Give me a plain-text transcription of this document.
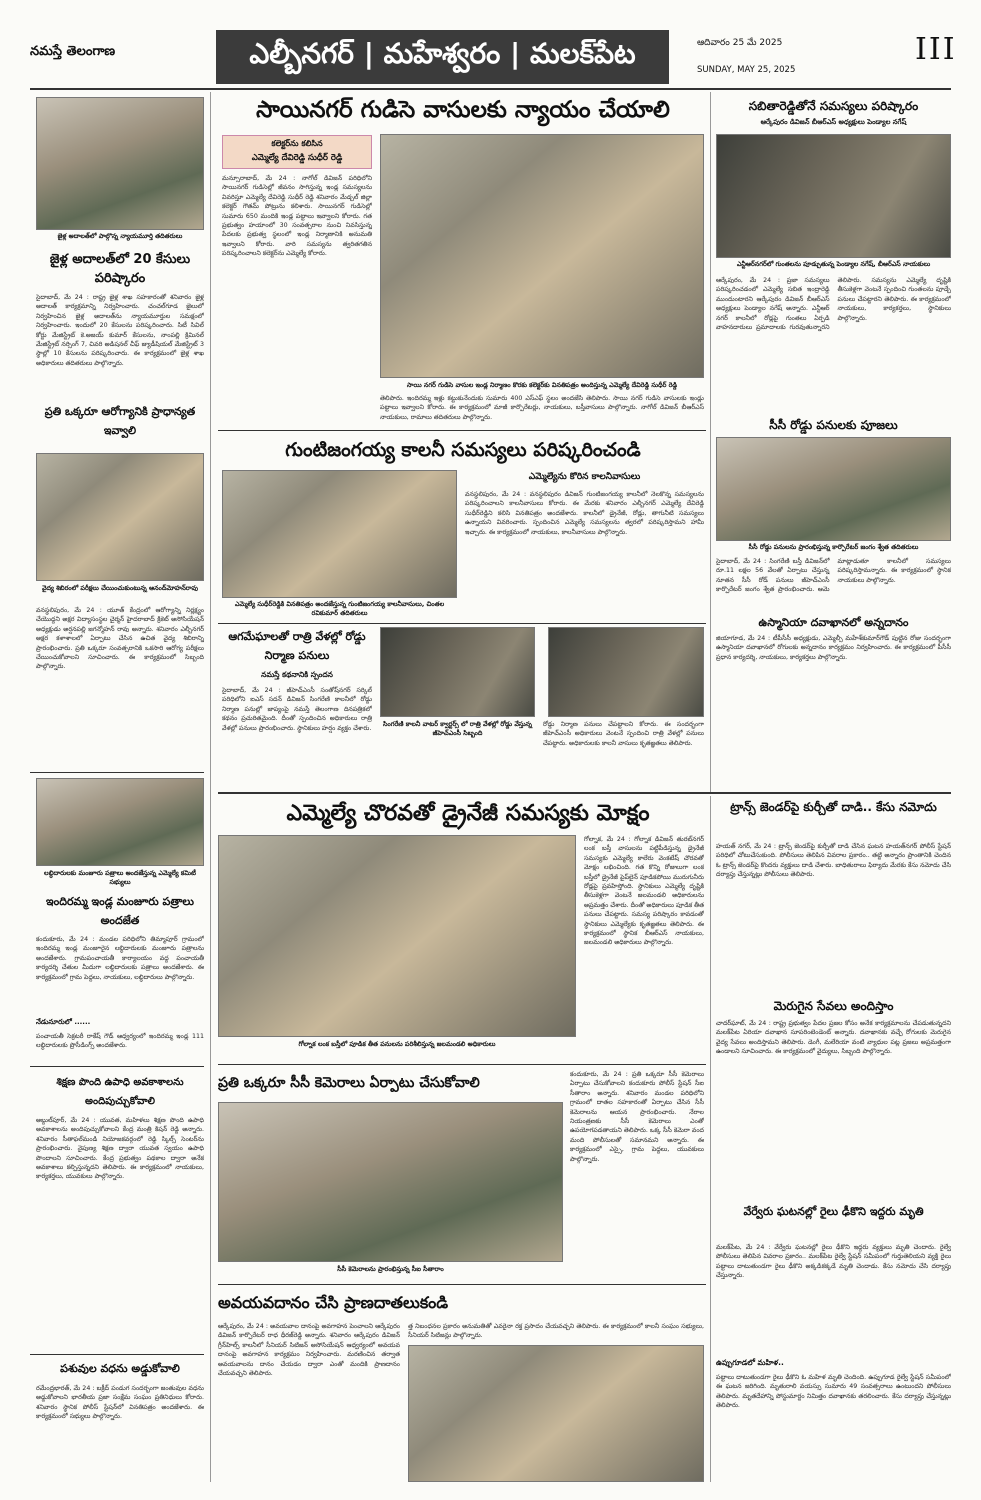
నమస్తే తెలంగాణ	ఎల్బీనగర్ | మహేశ్వరం | మలక్‌పేట	ఆదివారం 25 మే 2025
SUNDAY, MAY 25, 2025
III
జైళ్ల అదాలత్‌లో పాల్గొన్న న్యాయమూర్తి తదితరులు
జైళ్ల అదాలత్‌లో 20 కేసులు పరిష్కారం
సైదాబాద్, మే 24 : రాష్ట్ర జైళ్ల శాఖ సహకారంతో శనివారం జైళ్ల అదాలత్ కార్యక్రమాన్ని నిర్వహించారు. చంచల్‌గూడ జైలులో నిర్వహించిన జైళ్ల అదాలత్‌ను న్యాయమూర్తుల సమక్షంలో నిర్వహించారు. ఇందులో 20 కేసులను పరిష్కరించారు. సిటీ సివిల్ కోర్టు మేజిస్ట్రేట్ కె.అజయ్ కుమార్ కేసులను, నాంపల్లి క్రిమినల్ మేజిస్ట్రేట్ నర్సింగ్ 7, చివరి అడిషనల్ చీఫ్ జ్యుడీషియల్ మేజిస్ట్రేట్ 3 స్థాల్లో 10 కేసులను పరిష్కరించారు. ఈ కార్యక్రమంలో జైళ్ల శాఖ అధికారులు తదితరులు పాల్గొన్నారు.
ప్రతి ఒక్కరూ ఆరోగ్యానికి ప్రాధాన్యత ఇవ్వాలి
వైద్య శిబిరంలో పరీక్షలు చేయించుకుంటున్న ఆనంద్‌మోహన్‌రావు
వనస్థలిపురం, మే 24 : యూత్ కేంద్రంలో ఆరోగ్యాన్ని నిర్లక్ష్యం చేయొద్దని అక్షర విద్యాసంస్థల చైర్మన్ హైదరాబాద్ క్రికెట్ అసోసియేషన్ అధ్యక్షుడు అర్షనపల్లి జగన్మోహన్ రావు అన్నారు. శనివారం ఎల్బీనగర్ అక్షర కళాశాలలో ఏర్పాటు చేసిన ఉచిత వైద్య శిబిరాన్ని ప్రారంభించారు. ప్రతి ఒక్కరూ సంవత్సరానికి ఒకసారి ఆరోగ్య పరీక్షలు చేయించుకోవాలని సూచించారు. ఈ కార్యక్రమంలో సిబ్బంది పాల్గొన్నారు.
లబ్ధిదారులకు మంజూరు పత్రాలు అందజేస్తున్న ఎమ్మెల్యే కమిటీ సభ్యులు
ఇందిరమ్మ ఇండ్ల మంజూరు పత్రాలు అందజేత
కందుకూరు, మే 24 : మండల పరిధిలోని తిమ్మాపూర్ గ్రామంలో ఇందిరమ్మ ఇండ్ల మంజూరైన లబ్ధిదారులకు మంజూరు పత్రాలను అందజేశారు. గ్రామపంచాయతీ కార్యాలయం వద్ద పంచాయతీ కార్యదర్శి చేతుల మీదుగా లబ్ధిదారులకు పత్రాలు అందజేశారు. ఈ కార్యక్రమంలో గ్రామ పెద్దలు, నాయకులు, లబ్ధిదారులు పాల్గొన్నారు.
నేడునూరులో ......
పంచాయతీ సెక్రటరీ రాకేష్ గౌడ్ ఆధ్వర్యంలో ఇందిరమ్మ ఇండ్ల 111 లబ్ధిదారులకు ప్రొసీడింగ్స్ అందజేశారు.
శిక్షణ పొంది ఉపాధి అవకాశాలను అందిపుచ్చుకోవాలి
అబ్దుల్‌పూర్, మే 24 : యువత, మహిళలు శిక్షణ పొంది ఉపాధి అవకాశాలను అందిపుచ్చుకోవాలని కేంద్ర మంత్రి కిషన్ రెడ్డి అన్నారు. శనివారం సీతాఫల్‌మండి నియోజకవర్గంలో రెడ్డి స్కిల్స్ సెంటర్‌ను ప్రారంభించారు. నైపుణ్య శిక్షణ ద్వారా యువత స్వయం ఉపాధి పొందాలని సూచించారు. కేంద్ర ప్రభుత్వం పథకాల ద్వారా అనేక అవకాశాలు కల్పిస్తున్నదని తెలిపారు. ఈ కార్యక్రమంలో నాయకులు, కార్యకర్తలు, యువకులు పాల్గొన్నారు.
పశువుల వధను అడ్డుకోవాలి
రమేంద్రభారత్, మే 24 : బక్రీద్ పండుగ సందర్భంగా జంతువుల వధను అడ్డుకోవాలని భారతీయ ప్రజా సంక్షేమ సంఘం ప్రతినిధులు కోరారు. శనివారం స్థానిక పోలీస్ స్టేషన్‌లో వినతిపత్రం అందజేశారు. ఈ కార్యక్రమంలో సభ్యులు పాల్గొన్నారు.
సాయినగర్ గుడిసె వాసులకు న్యాయం చేయాలి
కలెక్టర్‌ను కలిసిన
ఎమ్మెల్యే దేవిరెడ్డి సుధీర్ రెడ్డి
మన్సూరాబాద్, మే 24 : నాగోల్ డివిజన్ పరిధిలోని సాయినగర్ గుడిసెల్లో జీవనం సాగిస్తున్న ఇండ్ల సమస్యలను వివరిస్తూ ఎమ్మెల్యే దేవిరెడ్డి సుధీర్ రెడ్డి శనివారం మేడ్చల్ జిల్లా కలెక్టర్ గౌతమ్ పోట్రును కలిశారు. సాయినగర్ గుడిసెల్లో సుమారు 650 మందికి ఇండ్ల పట్టాలు ఇవ్వాలని కోరారు. గత ప్రభుత్వం హయాంలో 30 సంవత్సరాల నుంచి నివసిస్తున్న పేదలకు ప్రభుత్వ స్థలంలో ఇండ్ల నిర్మాణానికి అనుమతి ఇవ్వాలని కోరారు. వారి సమస్యను త్వరితగతిన పరిష్కరించాలని కలెక్టర్‌ను ఎమ్మెల్యే కోరారు.
సాయి నగర్ గుడిసె వాసుల ఇండ్ల నిర్మాణం కొరకు కలెక్టర్‌కు వినతిపత్రం అందిస్తున్న ఎమ్మెల్యే దేవిరెడ్డి సుధీర్ రెడ్డి
తెలిపారు. ఇందిరమ్మ ఇళ్లు కట్టుకునేందుకు సుమారు 400 ఎస్ఎఫ్ స్థలం అందజేసి తెలిపారు. సాయి నగర్ గుడిసె వాసులకు ఇండ్లు పట్టాలు ఇవ్వాలని కోరారు. ఈ కార్యక్రమంలో మాజీ కార్పొరేటర్లు, నాయకులు, బస్తీవాసులు పాల్గొన్నారు. నాగోల్ డివిజన్ బీఆర్ఎస్ నాయకులు, రామాలు తదితరులు పాల్గొన్నారు.
సబితారెడ్డితోనే సమస్యలు పరిష్కారం
ఆర్కేపురం డివిజన్ బీఆర్ఎస్ అధ్యక్షులు పెండ్యాల నగేష్
ఎన్టీఆర్‌నగర్‌లో గుంతలను పూడ్చుతున్న పెండ్యాల నగేష్, బీఆర్ఎస్ నాయకులు
ఆర్కేపురం, మే 24 : ప్రజా సమస్యలు పరిష్కరించడంలో ఎమ్మెల్యే సబిత ఇంద్రారెడ్డి ముందుంటారని ఆర్కేపురం డివిజన్ బీఆర్ఎస్ అధ్యక్షులు పెండ్యాల నగేష్ అన్నారు. ఎన్టీఆర్ నగర్ కాలనీలో రోడ్లపై గుంతలు ఏర్పడి వాహనదారులు ప్రమాదాలకు గురవుతున్నారని తెలిపారు. సమస్యను ఎమ్మెల్యే దృష్టికి తీసుకెళ్లగా వెంటనే స్పందించి గుంతలను పూడ్చే పనులు చేపట్టారని తెలిపారు. ఈ కార్యక్రమంలో నాయకులు, కార్యకర్తలు, స్థానికులు పాల్గొన్నారు.
సీసీ రోడ్డు పనులకు పూజలు
సీసీ రోడ్డు పనులను ప్రారంభిస్తున్న కార్పొరేటర్ జంగం శ్వేత తదితరులు
సైదాబాద్, మే 24 : సింగరేణి బస్తీ డివిజన్‌లో రూ.11 లక్షల 56 వేలతో ఏర్పాటు చేస్తున్న నూతన సీసీ రోడ్ పనులు జీహెచ్ఎంసీ కార్పొరేటర్ జంగం శ్వేత ప్రారంభించారు. ఆమె మాట్లాడుతూ కాలనీలో సమస్యలు పరిష్కరిస్తామన్నారు. ఈ కార్యక్రమంలో స్థానిక నాయకులు పాల్గొన్నారు.
ఉస్మానియా దవాఖానలో అన్నదానం
జియాగూడ, మే 24 : టీపీసీసీ అధ్యక్షుడు, ఎమ్మెల్సీ మహేశ్‌కుమార్‌గౌడ్ పుట్టిన రోజు సందర్భంగా ఉస్మానియా దవాఖానలో రోగులకు అన్నదానం కార్యక్రమం నిర్వహించారు. ఈ కార్యక్రమంలో పీసీసీ ప్రధాన కార్యదర్శి, నాయకులు, కార్యకర్తలు పాల్గొన్నారు.
గుంటిజంగయ్య కాలనీ సమస్యలు పరిష్కరించండి
ఎమ్మెల్యే సుధీర్‌రెడ్డికి వినతిపత్రం అందజేస్తున్న గుంటిజంగయ్య కాలనీవాసులు, చింతల రవికుమార్ తదితరులు
ఎమ్మెల్యేను కోరిన కాలనీవాసులు
వనస్థలిపురం, మే 24 : వనస్థలిపురం డివిజన్ గుంటిజంగయ్య కాలనీలో నెలకొన్న సమస్యలను పరిష్కరించాలని కాలనీవాసులు కోరారు. ఈ మేరకు శనివారం ఎల్బీనగర్ ఎమ్మెల్యే దేవిరెడ్డి సుధీర్‌రెడ్డిని కలిసి వినతిపత్రం అందజేశారు. కాలనీలో డ్రైనేజీ, రోడ్లు, తాగునీటి సమస్యలు ఉన్నాయని వివరించారు. స్పందించిన ఎమ్మెల్యే సమస్యలను త్వరలో పరిష్కరిస్తామని హామీ ఇచ్చారు. ఈ కార్యక్రమంలో నాయకులు, కాలనీవాసులు పాల్గొన్నారు.
ఆగమేఘాలతో రాత్రి వేళల్లో రోడ్డు నిర్మాణ పనులు
నమస్తే కథనానికి స్పందన
సైదాబాద్, మే 24 : జీహెచ్ఎంసీ సంతోష్‌నగర్ సర్కిల్ పరిధిలోని ఐఎస్ సదన్ డివిజన్ సింగరేణి కాలనీలో రోడ్డు నిర్మాణ పనుల్లో జాప్యంపై నమస్తే తెలంగాణ దినపత్రికలో కథనం ప్రచురితమైంది. దీంతో స్పందించిన అధికారులు రాత్రి వేళల్లో పనులు ప్రారంభించారు. స్థానికులు హర్షం వ్యక్తం చేశారు.
సింగరేణి కాలనీ వాటర్ క్వార్టర్స్ లో రాత్రి వేళల్లో రోడ్డు వేస్తున్న జీహెచ్ఎంసీ సిబ్బంది
రోడ్డు నిర్మాణ పనులు చేపట్టాలని కోరారు. ఈ సందర్భంగా జీహెచ్ఎంసీ అధికారులు వెంటనే స్పందించి రాత్రి వేళల్లో పనులు చేపట్టారు. అధికారులకు కాలనీ వాసులు కృతజ్ఞతలు తెలిపారు.
ఎమ్మెల్యే చొరవతో డ్రైనేజీ సమస్యకు మోక్షం
గోల్నాక లంక బస్తీలో పూడిక తీత పనులను పరిశీలిస్తున్న జలమండలి అధికారులు
గోల్నాక, మే 24 : గోల్నాక డివిజన్ తురబ్‌నగర్ లంక బస్తీ వాసులను పట్టిపీడిస్తున్న డ్రైనేజీ సమస్యకు ఎమ్మెల్యే కాలేరు వెంకటేష్ చొరవతో మోక్షం లభించింది. గత కొన్ని రోజులుగా లంక బస్తీలో డ్రైనేజీ పైప్‌లైన్ పూడికపోయి మురుగునీరు రోడ్లపై ప్రవహిస్తోంది. స్థానికులు ఎమ్మెల్యే దృష్టికి తీసుకెళ్లగా వెంటనే జలమండలి అధికారులను అప్రమత్తం చేశారు. దీంతో అధికారులు పూడిక తీత పనులు చేపట్టారు. సమస్య పరిష్కారం కావడంతో స్థానికులు ఎమ్మెల్యేకు కృతజ్ఞతలు తెలిపారు. ఈ కార్యక్రమంలో స్థానిక బీఆర్ఎస్ నాయకులు, జలమండలి అధికారులు పాల్గొన్నారు.
ప్రతి ఒక్కరూ సీసీ కెమెరాలు ఏర్పాటు చేసుకోవాలి
సీసీ కెమెరాలను ప్రారంభిస్తున్న సీఐ సీతారాం
కందుకూరు, మే 24 : ప్రతి ఒక్కరూ సీసీ కెమెరాలు ఏర్పాటు చేసుకోవాలని కందుకూరు పోలీస్ స్టేషన్ సీఐ సీతారాం అన్నారు. శనివారం మండల పరిధిలోని గ్రామంలో దాతల సహకారంతో ఏర్పాటు చేసిన సీసీ కెమెరాలను ఆయన ప్రారంభించారు. నేరాల నియంత్రణకు సీసీ కెమెరాలు ఎంతో ఉపయోగపడతాయని తెలిపారు. ఒక్క సీసీ కెమెరా వంద మంది పోలీసులతో సమానమని అన్నారు. ఈ కార్యక్రమంలో ఎస్సై, గ్రామ పెద్దలు, యువకులు పాల్గొన్నారు.
అవయవదానం చేసి ప్రాణదాతలుకండి
ఆర్కేపురం, మే 24 : అవయవాల దానంపై అవగాహన పెంచాలని ఆర్కేపురం డివిజన్ కార్పొరేటర్ రాధ ధీరజ్‌రెడ్డి అన్నారు. శనివారం ఆర్కేపురం డివిజన్ గ్రీన్‌హిల్స్ కాలనీలో సీనియర్ సిటిజన్ అసోసియేషన్ ఆధ్వర్యంలో అవయవ దానంపై అవగాహన కార్యక్రమం నిర్వహించారు. మరణించిన తర్వాత అవయవాలను దానం చేయడం ద్వారా ఎంతో మందికి ప్రాణదానం చేయవచ్చని తెలిపారు.
త్త నిబంధనల ప్రకారం అనుమతితో ఎవరైనా రక్త ప్రసాదం చేయవచ్చని తెలిపారు. ఈ కార్యక్రమంలో కాలనీ సంఘం సభ్యులు, సీనియర్ సిటిజన్లు పాల్గొన్నారు.
ట్రాన్స్ జెండర్‌పై కుర్చీతో దాడి.. కేసు నమోదు
హయత్ నగర్, మే 24 : ట్రాన్స్ జెండర్‌పై కుర్చీతో దాడి చేసిన ఘటన హయత్‌నగర్ పోలీస్ స్టేషన్ పరిధిలో చోటుచేసుకుంది. పోలీసులు తెలిపిన వివరాల ప్రకారం.. తట్టి అన్నారం ప్రాంతానికి చెందిన ఓ ట్రాన్స్ జెండర్‌పై కొందరు వ్యక్తులు దాడి చేశారు. బాధితురాలు ఫిర్యాదు మేరకు కేసు నమోదు చేసి దర్యాప్తు చేస్తున్నట్లు పోలీసులు తెలిపారు.
మెరుగైన సేవలు అందిస్తాం
చాదర్‌ఘాట్, మే 24 : రాష్ట్ర ప్రభుత్వం పేదల ప్రజల కోసం అనేక కార్యక్రమాలను చేపడుతున్నదని మలక్‌పేట ఏరియా దవాఖాన సూపరింటెండెంట్ అన్నారు. దవాఖానకు వచ్చే రోగులకు మెరుగైన వైద్య సేవలు అందిస్తామని తెలిపారు. డెంగీ, మలేరియా వంటి వ్యాధుల పట్ల ప్రజలు అప్రమత్తంగా ఉండాలని సూచించారు. ఈ కార్యక్రమంలో వైద్యులు, సిబ్బంది పాల్గొన్నారు.
వేర్వేరు ఘటనల్లో రైలు ఢీకొని ఇద్దరు మృతి
మలక్‌పేట, మే 24 : వేర్వేరు ఘటనల్లో రైలు ఢీకొని ఇద్దరు వ్యక్తులు మృతి చెందారు. రైల్వే పోలీసులు తెలిపిన వివరాల ప్రకారం.. మలక్‌పేట రైల్వే స్టేషన్ సమీపంలో గుర్తుతెలియని వ్యక్తి రైలు పట్టాలు దాటుతుండగా రైలు ఢీకొని అక్కడికక్కడే మృతి చెందాడు. కేసు నమోదు చేసి దర్యాప్తు చేస్తున్నారు.
ఉప్పుగూడలో మహిళ..
పట్టాలు దాటుతుండగా రైలు ఢీకొని ఓ మహిళ మృతి చెందింది. ఉప్పుగూడ రైల్వే స్టేషన్ సమీపంలో ఈ ఘటన జరిగింది. మృతురాలి వయస్సు సుమారు 49 సంవత్సరాలు ఉంటుందని పోలీసులు తెలిపారు. మృతదేహాన్ని పోస్టుమార్టం నిమిత్తం దవాఖానకు తరలించారు. కేసు దర్యాప్తు చేస్తున్నట్లు తెలిపారు.
